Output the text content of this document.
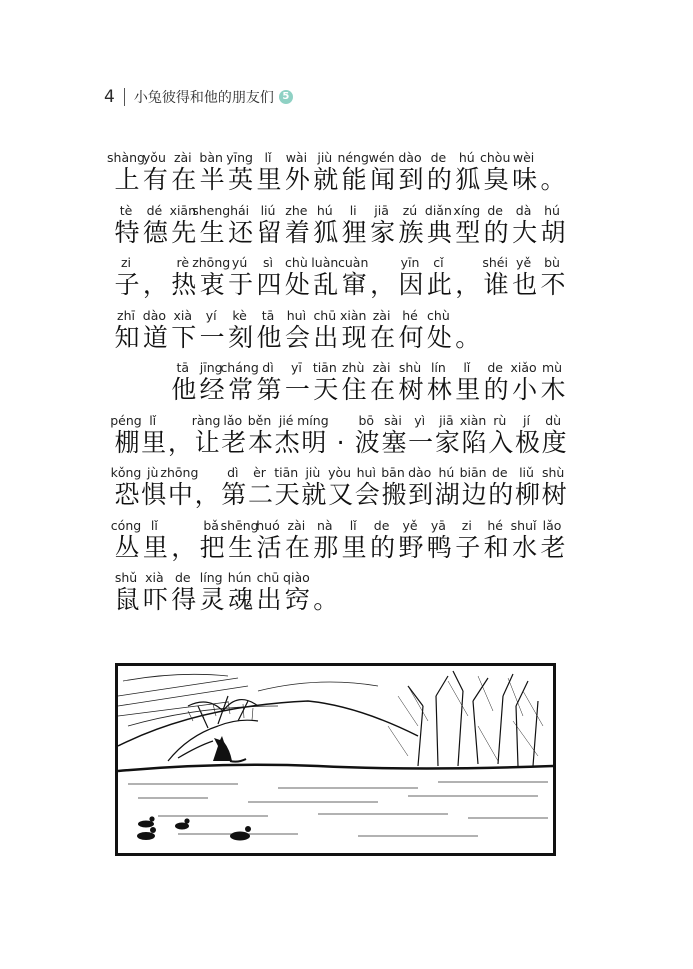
4 小兔彼得和他的朋友们 5
shàng
上
yǒu
有
zài
在
bàn
半
yīng
英
lǐ
里
wài
外
jiù
就
néng
能
wén
闻
dào
到
de
的
hú
狐
chòu
臭
wèi
味 。
tè
特
dé
德
xiān
先
sheng
生
hái
还
liú
留
zhe
着
hú
狐
li
狸
jiā
家
zú
族
diǎn
典
xíng
型
de
的
dà
大
hú
胡
zi
子 ，
rè
热
zhōng
衷
yú
于
sì
四
chù
处
luàn
乱
cuàn
窜 ，
yīn
因
cǐ
此 ，
shéi
谁
yě
也
bù
不
zhī
知
dào
道
xià
下
yí
一
kè
刻
tā
他
huì
会
chū
出
xiàn
现
zài
在
hé
何
chù
处 。
tā
他
jīng
经
cháng
常
dì
第
yī
一
tiān
天
zhù
住
zài
在
shù
树
lín
林
lǐ
里
de
的
xiǎo
小
mù
木
péng
棚
lǐ
里 ，
ràng
让
lǎo
老
běn
本
jié
杰
míng
明 ·
bō
波
sài
塞
yì
一
jiā
家
xiàn
陷
rù
入
jí
极
dù
度
kǒng
恐
jù
惧
zhōng
中 ，
dì
第
èr
二
tiān
天
jiù
就
yòu
又
huì
会
bān
搬
dào
到
hú
湖
biān
边
de
的
liǔ
柳
shù
树
cóng
丛
lǐ
里 ，
bǎ
把
shēng
生
huó
活
zài
在
nà
那
lǐ
里
de
的
yě
野
yā
鸭
zi
子
hé
和
shuǐ
水
lǎo
老
shǔ
鼠
xià
吓
de
得
líng
灵
hún
魂
chū
出
qiào
窍 。
